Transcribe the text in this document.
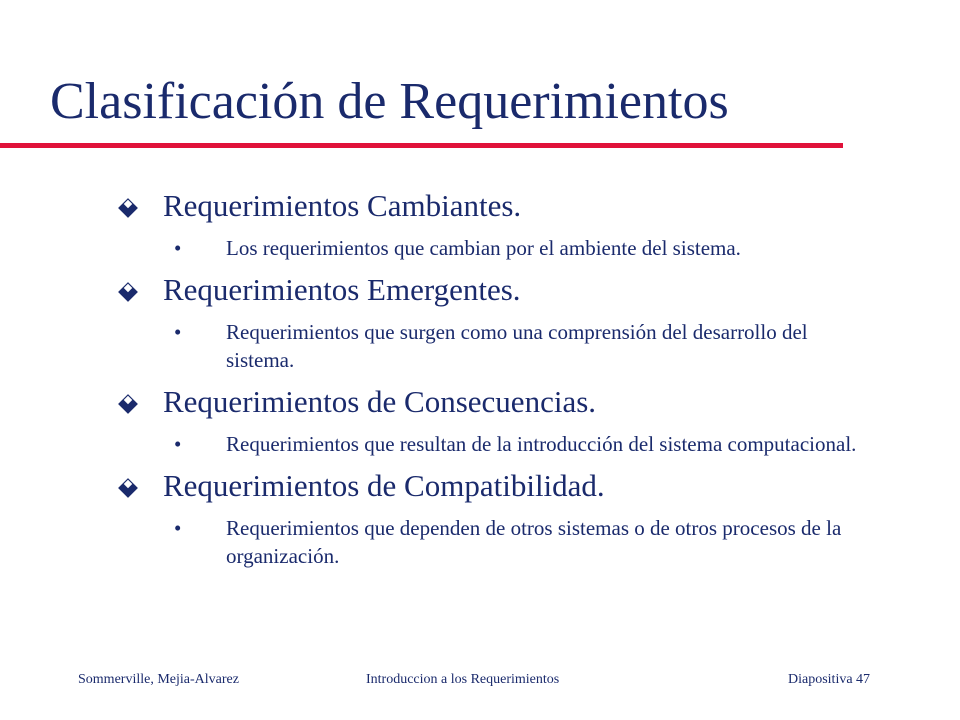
Clasificación de Requerimientos
Requerimientos Cambiantes.
•	Los requerimientos que cambian por el ambiente del sistema.
Requerimientos Emergentes.
•	Requerimientos que surgen como una comprensión del desarrollo del sistema.
Requerimientos de Consecuencias.
•	Requerimientos que resultan de la introducción del sistema computacional.
Requerimientos de Compatibilidad.
•	Requerimientos que dependen de otros sistemas o de otros procesos de la organización.
Sommerville, Mejia-Alvarez	Introduccion a los Requerimientos	Diapositiva 47
